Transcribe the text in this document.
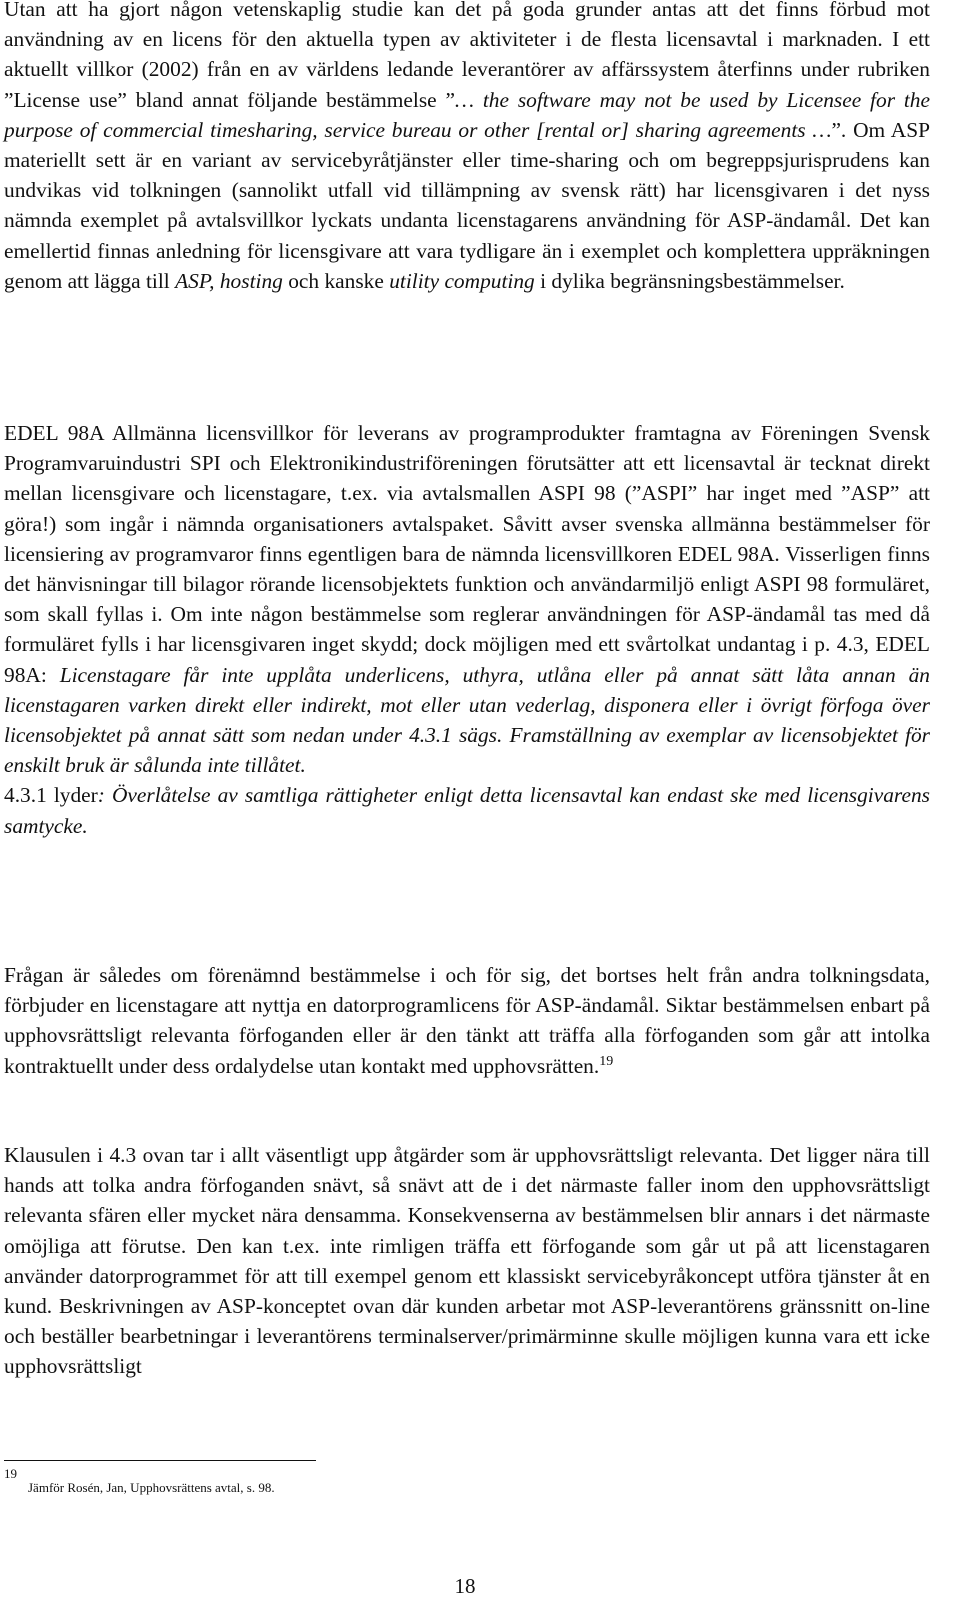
Utan att ha gjort någon vetenskaplig studie kan det på goda grunder antas att det finns förbud mot användning av en licens för den aktuella typen av aktiviteter i de flesta licensavtal i marknaden. I ett aktuellt villkor (2002) från en av världens ledande leverantörer av affärssystem återfinns under rubriken ”License use” bland annat följande bestämmelse ”… the software may not be used by Licensee for the purpose of commercial timesharing, service bureau or other [rental or] sharing agreements …”. Om ASP materiellt sett är en variant av servicebyråtjänster eller time-sharing och om begreppsjurisprudens kan undvikas vid tolkningen (sannolikt utfall vid tillämpning av svensk rätt) har licensgivaren i det nyss nämnda exemplet på avtalsvillkor lyckats undanta licenstagarens användning för ASP-ändamål. Det kan emellertid finnas anledning för licensgivare att vara tydligare än i exemplet och komplettera uppräkningen genom att lägga till ASP, hosting och kanske utility computing i dylika begränsningsbestämmelser.

EDEL 98A Allmänna licensvillkor för leverans av programprodukter framtagna av Föreningen Svensk Programvaruindustri SPI och Elektronikindustriföreningen förutsätter att ett licensavtal är tecknat direkt mellan licensgivare och licenstagare, t.ex. via avtalsmallen ASPI 98 (”ASPI” har inget med ”ASP” att göra!) som ingår i nämnda organisationers avtalspaket. Såvitt avser svenska allmänna bestämmelser för licensiering av programvaror finns egentligen bara de nämnda licensvillkoren EDEL 98A. Visserligen finns det hänvisningar till bilagor rörande licensobjektets funktion och användarmiljö enligt ASPI 98 formuläret, som skall fyllas i. Om inte någon bestämmelse som reglerar användningen för ASP-ändamål tas med då formuläret fylls i har licensgivaren inget skydd; dock möjligen med ett svårtolkat undantag i p. 4.3, EDEL 98A: Licenstagare får inte upplåta underlicens, uthyra, utlåna eller på annat sätt låta annan än licenstagaren varken direkt eller indirekt, mot eller utan vederlag, disponera eller i övrigt förfoga över licensobjektet på annat sätt som nedan under 4.3.1 sägs. Framställning av exemplar av licensobjektet för enskilt bruk är sålunda inte tillåtet.
4.3.1 lyder: Överlåtelse av samtliga rättigheter enligt detta licensavtal kan endast ske med licensgivarens samtycke.

Frågan är således om förenämnd bestämmelse i och för sig, det bortses helt från andra tolkningsdata, förbjuder en licenstagare att nyttja en datorprogramlicens för ASP-ändamål. Siktar bestämmelsen enbart på upphovsrättsligt relevanta förfoganden eller är den tänkt att träffa alla förfoganden som går att intolka kontraktuellt under dess ordalydelse utan kontakt med upphovsrätten.$^{19}$

Klausulen i 4.3 ovan tar i allt väsentligt upp åtgärder som är upphovsrättsligt relevanta. Det ligger nära till hands att tolka andra förfoganden snävt, så snävt att de i det närmaste faller inom den upphovsrättsligt relevanta sfären eller mycket nära densamma. Konsekvenserna av bestämmelsen blir annars i det närmaste omöjliga att förutse. Den kan t.ex. inte rimligen träffa ett förfogande som går ut på att licenstagaren använder datorprogrammet för att till exempel genom ett klassiskt servicebyråkoncept utföra tjänster åt en kund. Beskrivningen av ASP-konceptet ovan där kunden arbetar mot ASP-leverantörens gränssnitt on-line och beställer bearbetningar i leverantörens terminalserver/primärminne skulle möjligen kunna vara ett icke upphovsrättsligt

19
Jämför Rosén, Jan, Upphovsrättens avtal, s. 98.
18
